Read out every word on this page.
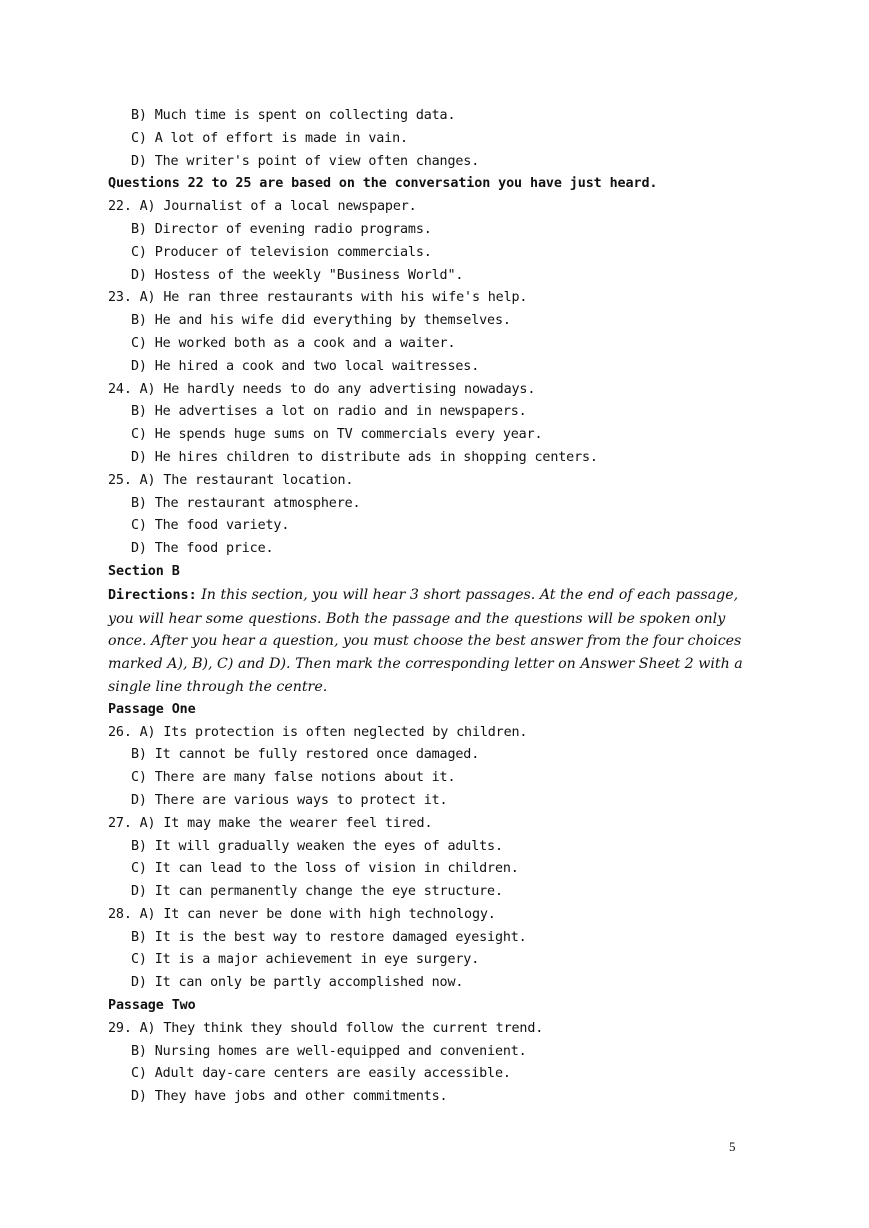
B) Much time is spent on collecting data.
C) A lot of effort is made in vain.
D) The writer's point of view often changes.
Questions 22 to 25 are based on the conversation you have just heard.
22. A) Journalist of a local newspaper.
B) Director of evening radio programs.
C) Producer of television commercials.
D) Hostess of the weekly "Business World".
23. A) He ran three restaurants with his wife's help.
B) He and his wife did everything by themselves.
C) He worked both as a cook and a waiter.
D) He hired a cook and two local waitresses.
24. A) He hardly needs to do any advertising nowadays.
B) He advertises a lot on radio and in newspapers.
C) He spends huge sums on TV commercials every year.
D) He hires children to distribute ads in shopping centers.
25. A) The restaurant location.
B) The restaurant atmosphere.
C) The food variety.
D) The food price.
Section B
Directions: In this section, you will hear 3 short passages. At the end of each passage, you will hear some questions. Both the passage and the questions will be spoken only once. After you hear a question, you must choose the best answer from the four choices marked A), B), C) and D). Then mark the corresponding letter on Answer Sheet 2 with a single line through the centre.
Passage One
26. A) Its protection is often neglected by children.
B) It cannot be fully restored once damaged.
C) There are many false notions about it.
D) There are various ways to protect it.
27. A) It may make the wearer feel tired.
B) It will gradually weaken the eyes of adults.
C) It can lead to the loss of vision in children.
D) It can permanently change the eye structure.
28. A) It can never be done with high technology.
B) It is the best way to restore damaged eyesight.
C) It is a major achievement in eye surgery.
D) It can only be partly accomplished now.
Passage Two
29. A) They think they should follow the current trend.
B) Nursing homes are well-equipped and convenient.
C) Adult day-care centers are easily accessible.
D) They have jobs and other commitments.
5
